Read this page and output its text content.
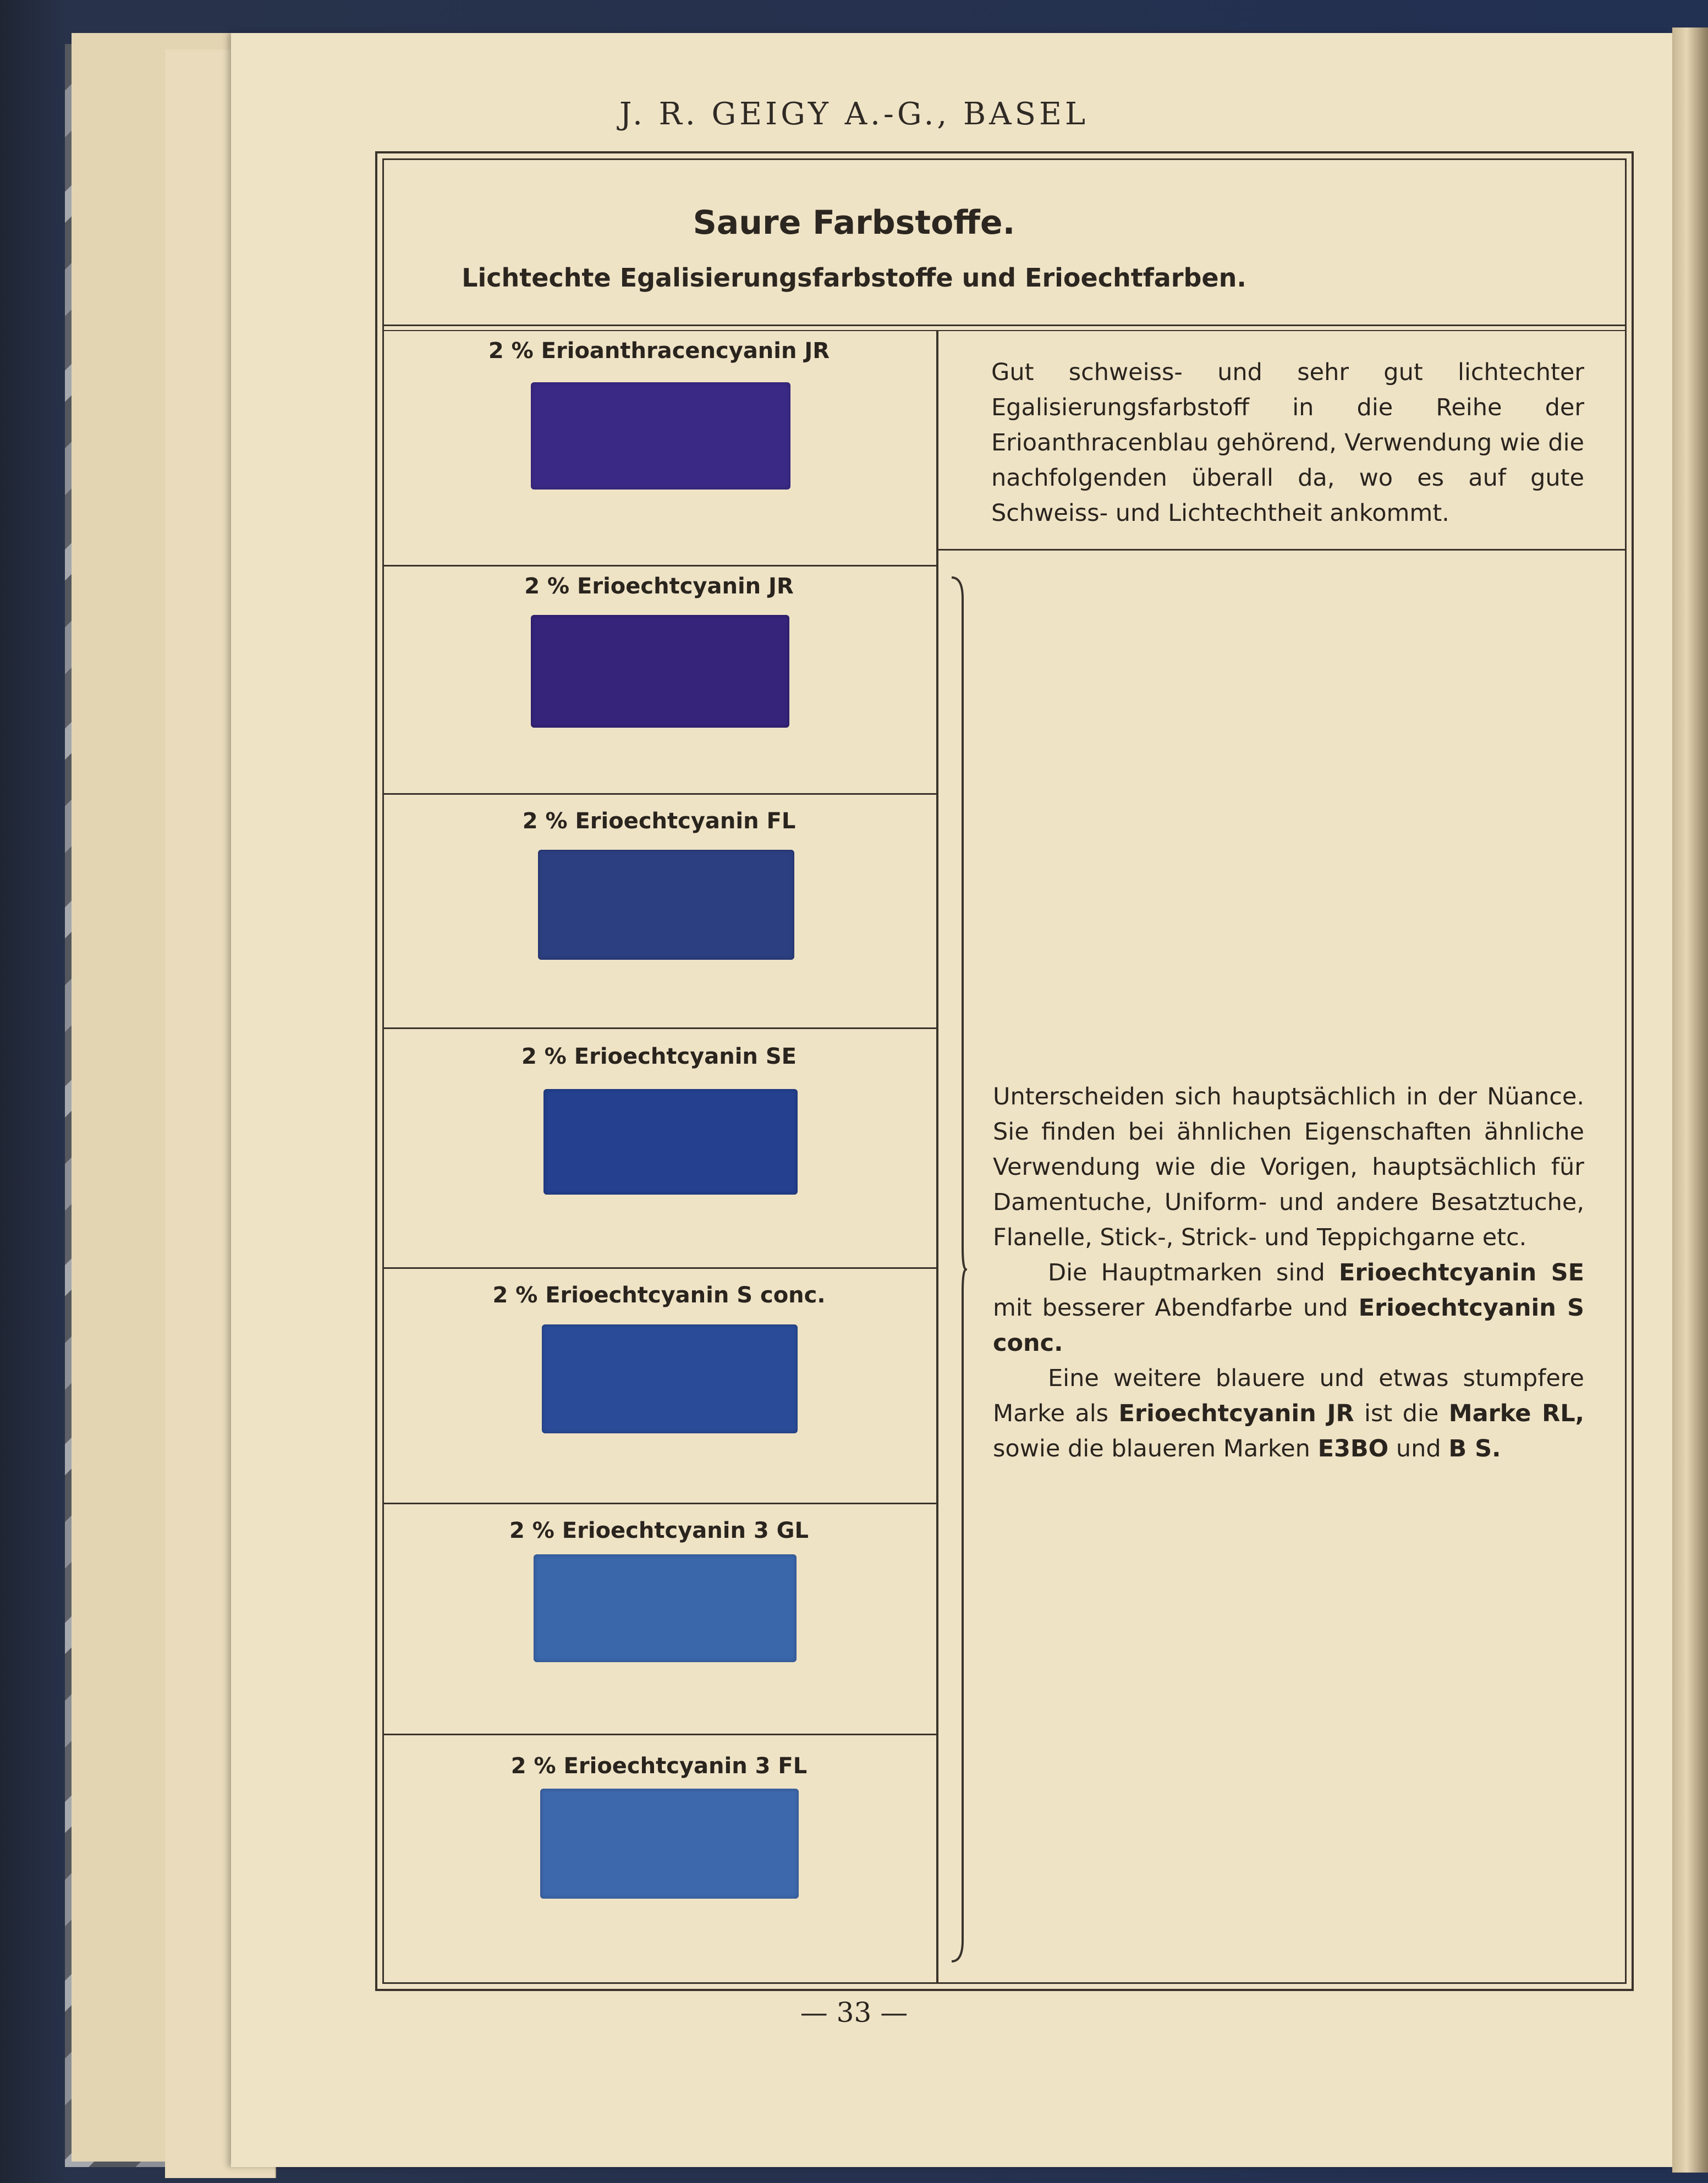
J. R. GEIGY A.-G., BASEL
Saure Farbstoffe.
Lichtechte Egalisierungsfarbstoffe und Erioechtfarben.
2 % Erioanthracencyanin JR
2 % Erioechtcyanin JR
2 % Erioechtcyanin FL
2 % Erioechtcyanin SE
2 % Erioechtcyanin S conc.
2 % Erioechtcyanin 3 GL
2 % Erioechtcyanin 3 FL

Gut schweiss- und sehr gut lichtechter Egalisierungsfarbstoff in die Reihe der Erioanthracenblau gehörend, Verwendung wie die nachfolgenden überall da, wo es auf gute Schweiss- und Lichtechtheit ankommt.

Unterscheiden sich hauptsächlich in der Nüance. Sie finden bei ähnlichen Eigenschaften ähnliche Verwendung wie die Vorigen, hauptsächlich für Damentuche, Uniform- und andere Besatztuche, Flanelle, Stick-, Strick- und Teppichgarne etc.

Die Hauptmarken sind Erioechtcyanin SE mit besserer Abendfarbe und Erioechtcyanin S conc.

Eine weitere blauere und etwas stumpfere Marke als Erioechtcyanin JR ist die Marke RL, sowie die blaueren Marken E3BO und B S.

— 33 —
